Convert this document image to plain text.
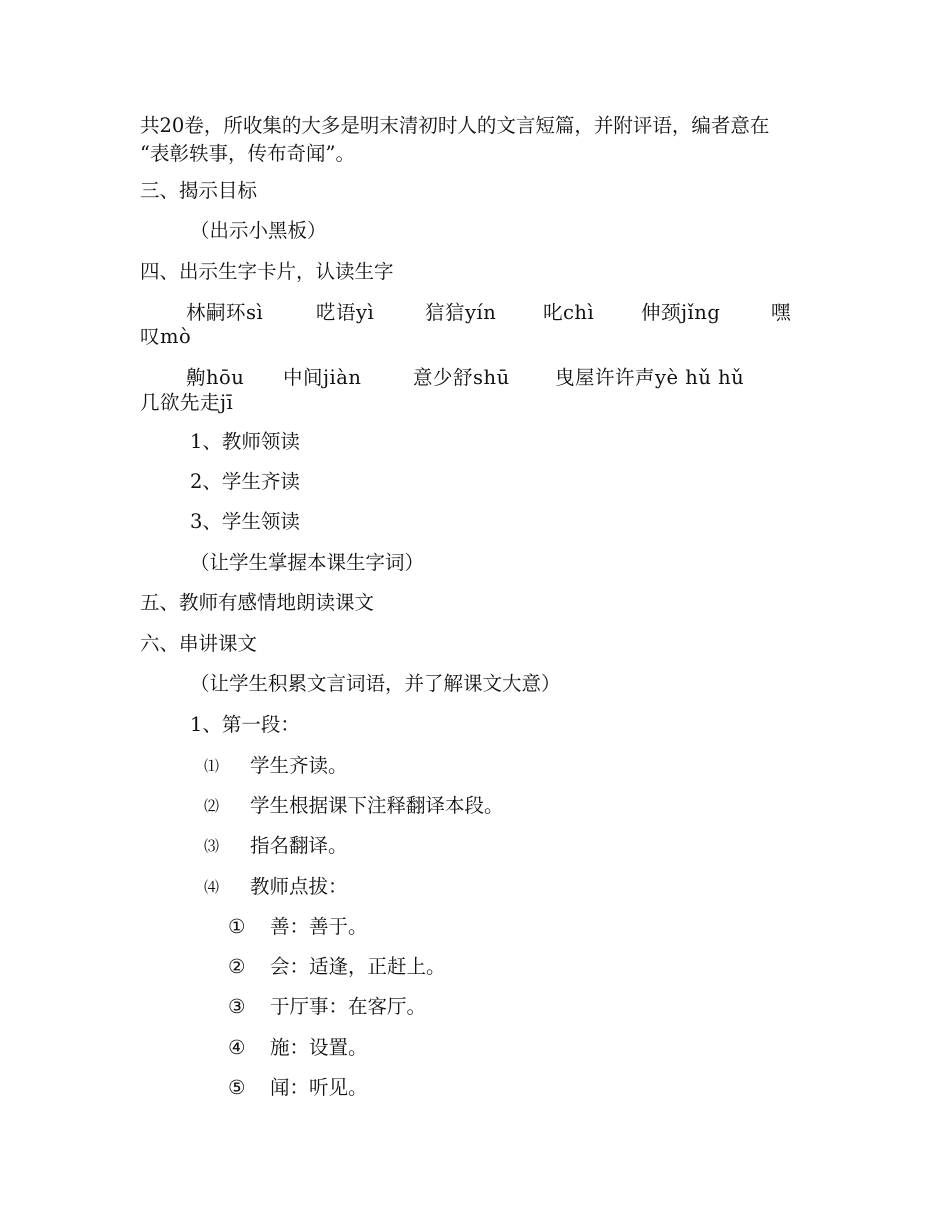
共20卷，所收集的大多是明末清初时人的文言短篇，并附评语，编者意在
“表彰轶事，传布奇闻”。
三、揭示目标
（出示小黑板）
四、出示生字卡片，认读生字
林嗣环sì	呓语yì	狺狺yín 叱chì 伸颈jǐng	嘿
叹mò
齁hōu 中间jiàn	意少舒shū 曳屋许许声yè hǔ hǔ
几欲先走jī
1、教师领读
2、学生齐读
3、学生领读
（让学生掌握本课生字词）
五、教师有感情地朗读课文
六、串讲课文
（让学生积累文言词语，并了解课文大意）
1、第一段：
⑴ 学生齐读。
⑵ 学生根据课下注释翻译本段。
⑶ 指名翻译。
⑷ 教师点拔：
① 善：善于。
② 会：适逢，正赶上。
③ 于厅事：在客厅。
④ 施：设置。
⑤ 闻：听见。
